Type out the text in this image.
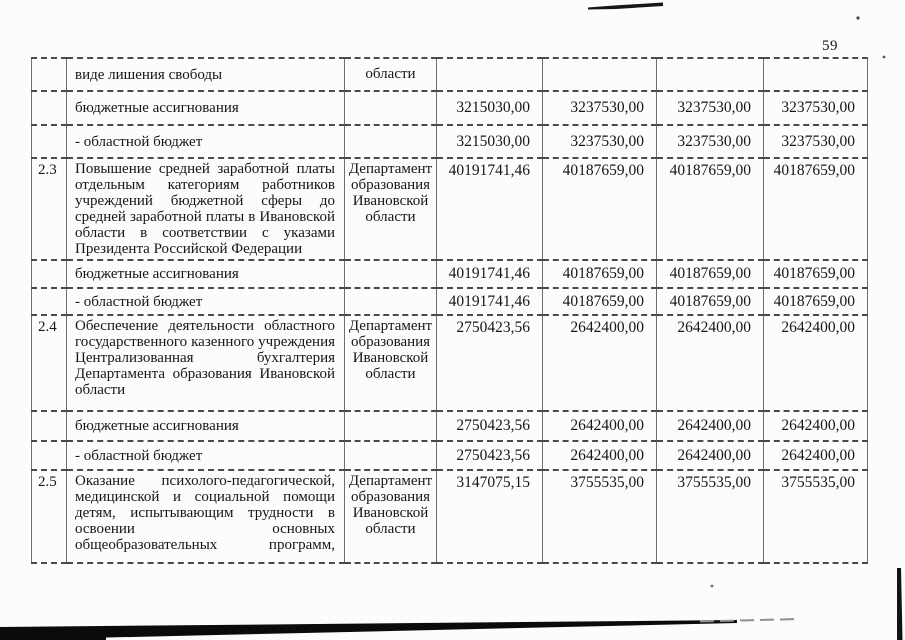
59
	виде лишения свободы	области				
	бюджетные ассигнования		3215030,00	3237530,00	3237530,00	3237530,00
	- областной бюджет		3215030,00	3237530,00	3237530,00	3237530,00
2.3	Повышение средней заработной платы отдельным категориям работников учреждений бюджетной сферы до средней заработной платы в Ивановской области в соответствии с указами Президента Российской Федерации	Департамент образования Ивановской области	40191741,46	40187659,00	40187659,00	40187659,00
	бюджетные ассигнования		40191741,46	40187659,00	40187659,00	40187659,00
	- областной бюджет		40191741,46	40187659,00	40187659,00	40187659,00
2.4	Обеспечение деятельности областного государственного казенного учреждения Централизованная бухгалтерия Департамента образования Ивановской области	Департамент образования Ивановской области	2750423,56	2642400,00	2642400,00	2642400,00
	бюджетные ассигнования		2750423,56	2642400,00	2642400,00	2642400,00
	- областной бюджет		2750423,56	2642400,00	2642400,00	2642400,00
2.5	Оказание психолого-педагогической, медицинской и социальной помощи детям, испытывающим трудности в освоении основных общеобразовательных программ,	Департамент образования Ивановской области	3147075,15	3755535,00	3755535,00	3755535,00
